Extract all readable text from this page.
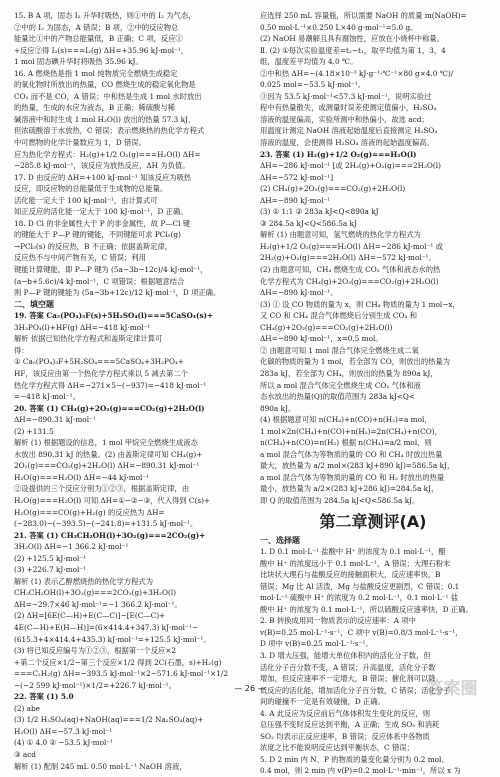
15. B A 项，固态 I₂ 升华时吸热，则①中的 I₂ 为气态，
②中的 I₂ 为固态，A 错误；B 项，②中的反应物总
能量比①中的产物总能量低，B 正确；C 项，反应①
+反应②得 I₂(s)===I₂(g) ΔH=+35.96 kJ·mol⁻¹，
1 mol 固态碘升华时将吸热 35.96 kJ。
16. A 燃烧热是指 1 mol 纯物质完全燃烧生成稳定
的氧化物时所放出的热量，CO 燃烧生成的稳定氧化物是
CO₂ 而不是 CO，A 错误；中和热是生成 1 mol 水时放出
的热量，生成的水应为液态，B 正确；稀硫酸与稀
碱溶液中和时生成 1 mol H₂O(l) 放出的热量 57.3 kJ，
但浓硫酸溶于水放热，C 错误；表示燃烧热的热化学方程式
中可燃物的化学计量数应为 1，D 错误。
应为热化学方程式：H₂(g)+1/2 O₂(g)===H₂O(l) ΔH=
−285.8 kJ·mol⁻¹，该反应为放热反应，ΔH 为负值。
17. D 由反应的 ΔH=+100 kJ·mol⁻¹ 知该反应为吸热
反应，即反应物的总能量低于生成物的总能量。
活化能一定大于 100 kJ·mol⁻¹，由计算式可
知正反应的活化能一定大于 100 kJ·mol⁻¹，D 正确。
18. D Cl 的非金属性大于 P 的非金属性，故 P—Cl 键
的键能大于 P—P 键的键能，不同键能可求 PCl₅(g)
→PCl₅(s) 的反应热，B 不正确；依据盖斯定律，
反应热不与中间产物有关，C 错误；利用
键能计算键能，即 P—P 键为 (5a−3b−12c)/4 kJ·mol⁻¹，
(a−b+5.6c)/4 kJ·mol⁻¹，C 项错误；根据题意结合
则 P—P 键的键能为 (5a−3b+12c)/12 kJ·mol⁻¹，D 项正确。
二、填空题
19. 答案 Ca₅(PO₄)₃F(s)+5H₂SO₄(l)===5CaSO₄(s)+
3H₃PO₄(l)+HF(g) ΔH=−418 kJ·mol⁻¹
解析 依据已知热化学方程式和盖斯定律计算可
得：
① Ca₅(PO₄)₃F+5H₂SO₄===5CaSO₄+3H₃PO₄+
HF，该反应由第一个热化学方程式乘以 5 减去第二个
热化学方程式得 ΔH=−271×5−(−937)=−418 kJ·mol⁻¹
=−418 kJ·mol⁻¹。
20. 答案 (1) CH₄(g)+2O₂(g)===CO₂(g)+2H₂O(l)
ΔH=−890.31 kJ·mol⁻¹
(2) +131.5
解析 (1) 根据题设的信息，1 mol 甲烷完全燃烧生成液态
水放出 890.31 kJ 的热量。(2) 由盖斯定律可知 CH₄(g)+
2O₂(g)===CO₂(g)+2H₂O(l) ΔH=−890.31 kJ·mol⁻¹
H₂O(g)===H₂O(l) ΔH=−44 kJ·mol⁻¹
②设提供的三个反应分别为①②③，根据盖斯定律，由
H₂O(g)===H₂O(l) 可知 ΔH=①−②−③，代入得到 C(s)+
H₂O(g)===CO(g)+H₂(g) 的反应热为 ΔH=
(−283.0)−(−393.5)−(−241.8)=+131.5 kJ·mol⁻¹。
21. 答案 (1) CH₃CH₂OH(l)+3O₂(g)===2CO₂(g)+
3H₂O(l) ΔH=−1 366.2 kJ·mol⁻¹
(2) +125.5 kJ·mol⁻¹
(3) +226.7 kJ·mol⁻¹
解析 (1) 表示乙醇燃烧热的热化学方程式为
CH₃CH₂OH(l)+3O₂(g)===2CO₂(g)+3H₂O(l)
ΔH=−29.7×46 kJ·mol⁻¹=−1 366.2 kJ·mol⁻¹。
(2) ΔH=[6E(C—H)+E(C—C)]−[E(C—C)+
4E(C—H)+E(H—H)]=(6×414.4+347.3) kJ·mol⁻¹−
(615.3+4×414.4+435.3) kJ·mol⁻¹=+125.5 kJ·mol⁻¹。
(3) 将已知反应编号为①②③，根据第一个反应×2
+第二个反应×1/2−第三个反应×1/2 得到 2C(石墨，s)+H₂(g)
===C₂H₂(g) ΔH=−393.5 kJ·mol⁻¹×2−571.6 kJ·mol⁻¹×1/2
−(−2 599 kJ·mol⁻¹)×1/2=+226.7 kJ·mol⁻¹。
22. 答案 (1) 5.0
(2) abe
(3) 1/2 H₂SO₄(aq)+NaOH(aq)===1/2 Na₂SO₄(aq)+
H₂O(l) ΔH=−57.3 kJ·mol⁻¹
(4) ① 4.0 ② −53.5 kJ·mol⁻¹
③ acd
解析 (1) 配制 245 mL 0.50 mol·L⁻¹ NaOH 溶液，
应选择 250 mL 容量瓶，所以需要 NaOH 的质量 m(NaOH)=
0.50 mol·L⁻¹×0.250 L×40 g·mol⁻¹=5.0 g。
(2) NaOH 易潮解且具有腐蚀性，应放在小烧杯中称量。
Ⅱ. (2) ①每次实验温度差=t₂−t₁，取平均值为第 1、3、4
组，温度差平均值为 4.0 ℃。
②中和热 ΔH=−(4.18×10⁻³ kJ·g⁻¹·℃⁻¹×80 g×4.0 ℃)/
0.025 mol=−53.5 kJ·mol⁻¹。
③因为 53.5 kJ·mol⁻¹<57.3 kJ·mol⁻¹，说明实验过
程中有热量散失，或测量时误差使测定值偏小，H₂SO₄
溶液的温度偏高，实验所测中和热偏小，故选 acd；
用温度计测定 NaOH 溶液起始温度后直接测定 H₂SO₄
溶液的温度，会使测得 H₂SO₄ 溶液的起始温度偏高。
23. 答案 (1) H₂(g)+1/2 O₂(g)===H₂O(l)
ΔH=−286 kJ·mol⁻¹ [或 2H₂(g)+O₂(g)===2H₂O(l)
ΔH=−572 kJ·mol⁻¹]
(2) CH₄(g)+2O₂(g)===CO₂(g)+2H₂O(l)
ΔH=−890 kJ·mol⁻¹
(3) ① 1:1 ② 283a kJ<Q<890a kJ
③ 284.5a kJ<Q<586.5a kJ
解析 (1) 由题意可知，氢气燃烧的热化学方程式为
H₂(g)+1/2 O₂(g)===H₂O(l) ΔH=−286 kJ·mol⁻¹ 或
2H₂(g)+O₂(g)===2H₂O(l) ΔH=−572 kJ·mol⁻¹。
(2) 由题意可知，CH₄ 燃烧生成 CO₂ 气体和液态水的热
化学方程式为 CH₄(g)+2O₂(g)===CO₂(g)+2H₂O(l)
ΔH=−890 kJ·mol⁻¹。
(3) ① 设 CO 物质的量为 x，则 CH₄ 物质的量为 1 mol−x，
又 CO 和 CH₄ 混合气体燃烧后分别生成 CO₂ 和
CH₄(g)+2O₂(g)===CO₂(g)+2H₂O(l)
ΔH=−890 kJ·mol⁻¹，x=0.5 mol。
② 由题意可知 1 mol 混合气体完全燃烧生成二氧
化碳的物质的量为 1 mol，若全部为 CO，则放出的热量为
283a kJ，若全部为 CH₄，则放出的热量为 890a kJ，
所以 a mol 混合气体完全燃烧生成 CO₂ 气体和液
态水放出的热量(Q)的取值范围为 283a kJ<Q<
890a kJ。
(4) 根据题意可知 n(CH₄)+n(CO)+n(H₂)=a mol，
1 mol×2n(CH₄)+n(CO)+n(H₂)=2n(CH₄)+n(CO)，
n(CH₄)+n(CO)=n(H₂) 根据 n(CH₄)=a/2 mol，则
a mol 混合气体为等物质的量的 CO 和 CH₄ 时放出热量
最大，放热量为 a/2 mol×(283 kJ+890 kJ)=586.5a kJ，
a mol 混合气体为等物质的量的 CO 和 H₂ 时放出的热量
最小，放热量为 a/2×(283 kJ+286 kJ)=284.5a kJ，
即 Q 的取值范围为 284.5a kJ<Q<586.5a kJ。
第二章测评(A)
一、选择题
1. D 0.1 mol·L⁻¹ 盐酸中 H⁺ 的浓度为 0.1 mol·L⁻¹，醋
酸中 H⁺ 的浓度远小于 0.1 mol·L⁻¹，A 错误；大理石粉末
比块状大理石与盐酸反应的接触面积大，反应速率快，B
错误；Mg 比 Al 活泼，Mg 与盐酸反应更剧烈，C 错误；0.1
mol·L⁻¹ 硫酸中 H⁺ 的浓度为 0.2 mol·L⁻¹，0.1 mol·L⁻¹ 盐
酸中 H⁺ 的浓度为 0.1 mol·L⁻¹，所以硫酸反应速率快，D 正确。
2. B 转换成用同一物质表示的反应速率：A 项中
v(B)=0.25 mol·L⁻¹·s⁻¹，C 项中 v(B)=0.8/3 mol·L⁻¹·s⁻¹，
D 项中 v(B)=0.25 mol·L⁻¹·s⁻¹。
3. D 增大压强，能增大单位体积内的活化分子数，但
活化分子百分数不变，A 错误；升高温度，活化分子数
增加，但反应速率不一定增大，B 错误；催化剂可以降
低反应的活化能，增加活化分子百分数，C 错误；活化分子
间的碰撞不一定是有效碰撞，D 正确。
4. A 此反应为反应前后气体体积发生变化的反应，则
总压强不变时反应达到平衡，A 正确；生成 SO₃ 和消耗
SO₂ 均表示正反应速率，B 错误；反应体系中各物质
浓度之比不能说明反应达到平衡状态，C 错误；
5. D 2 min 内 N、P 的物质的量变化量分别为 0.2 mol、
0.4 mol，则 2 min 内 v(P)=0.2 mol·L⁻¹·min⁻¹，所以 x 为
— 26 —	答案圈
